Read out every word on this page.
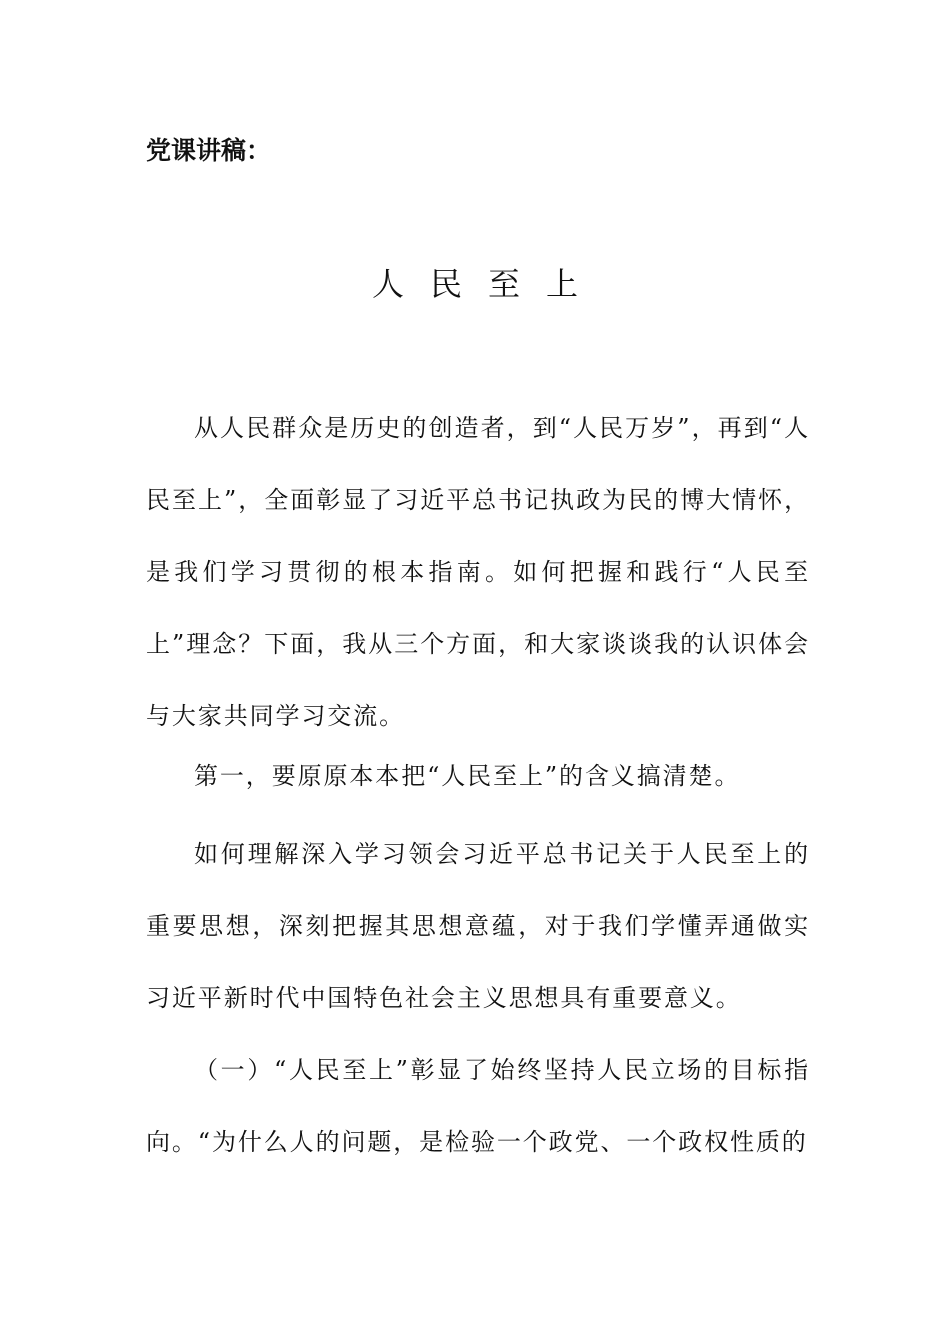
党课讲稿：

人民至上

从人民群众是历史的创造者，到“人民万岁”，再到“人民至上”，全面彰显了习近平总书记执政为民的博大情怀，是我们学习贯彻的根本指南。如何把握和践行“人民至上”理念？下面，我从三个方面，和大家谈谈我的认识体会与大家共同学习交流。

第一，要原原本本把“人民至上”的含义搞清楚。

如何理解深入学习领会习近平总书记关于人民至上的重要思想，深刻把握其思想意蕴，对于我们学懂弄通做实习近平新时代中国特色社会主义思想具有重要意义。

（一）“人民至上”彰显了始终坚持人民立场的目标指向。“为什么人的问题，是检验一个政党、一个政权性质的
